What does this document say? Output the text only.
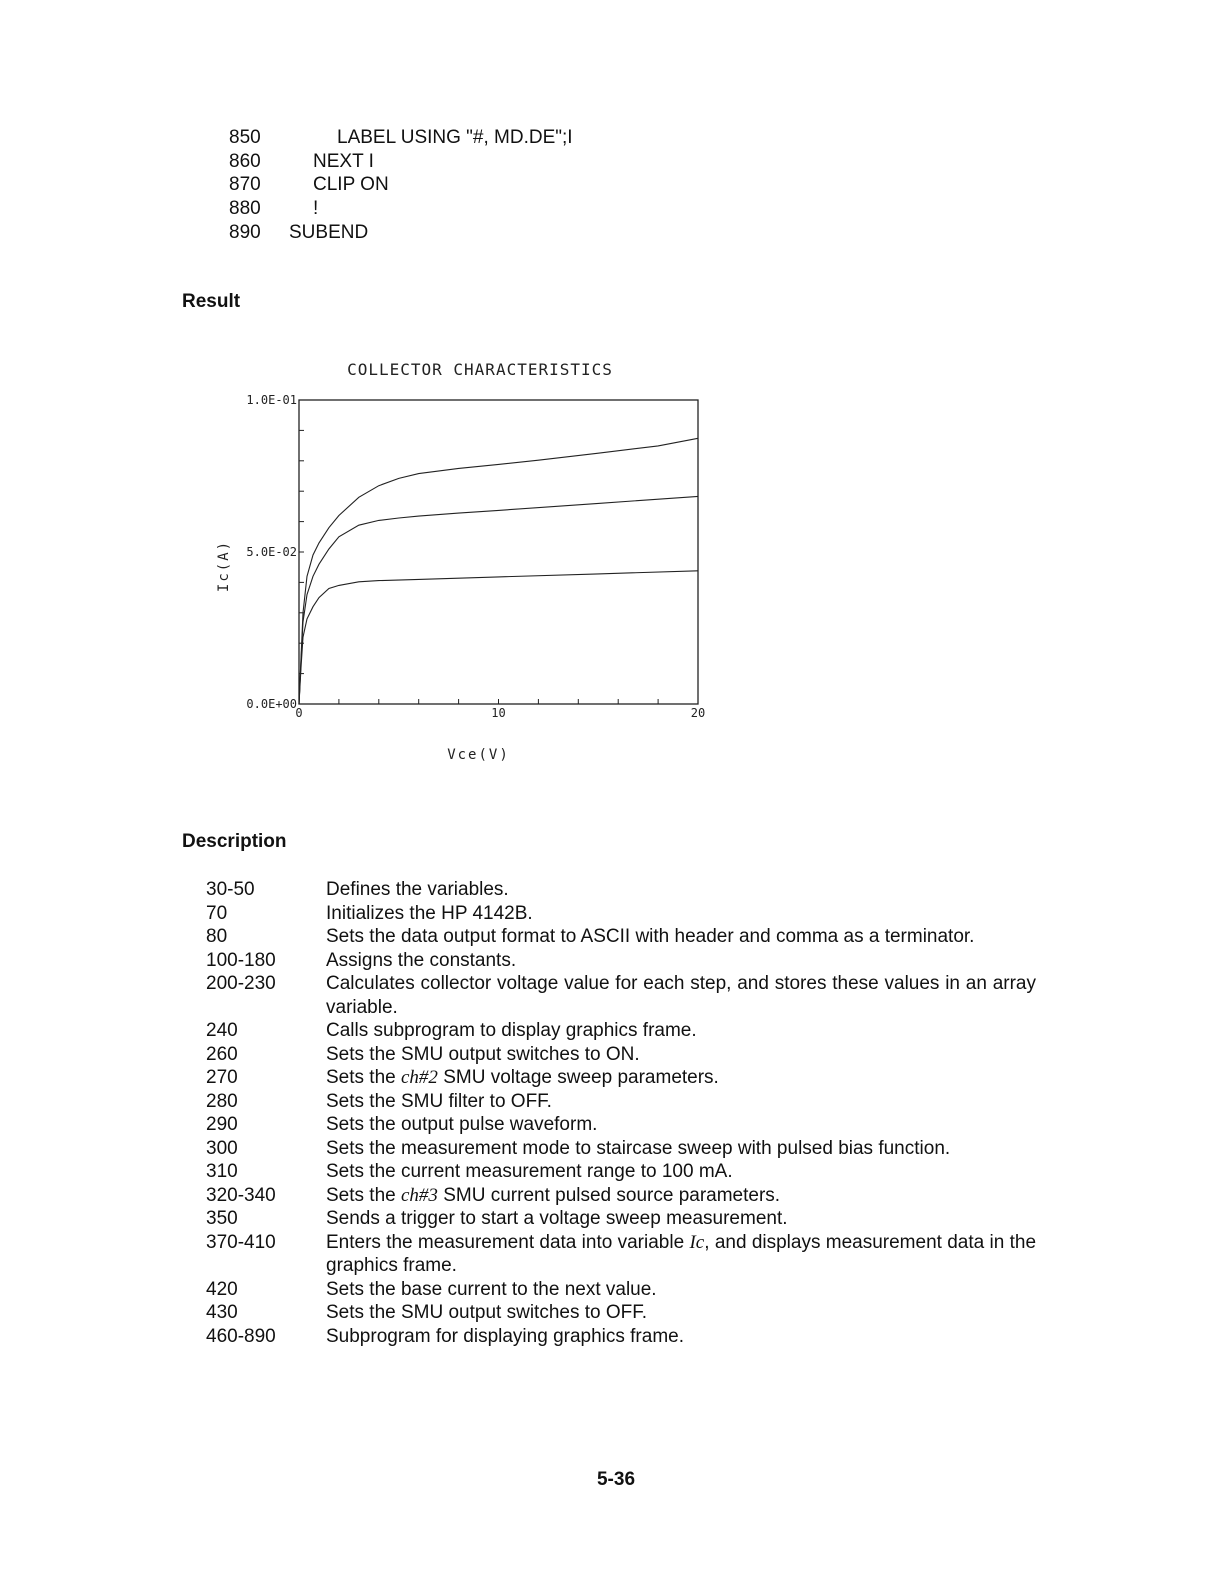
850	LABEL USING "#, MD.DE";I
860	NEXT I
870	CLIP ON
880	!
890 SUBEND
Result
COLLECTOR CHARACTERISTICS
0.0E+00
5.0E-02
1.0E-01
0	10	20
Ic(A)
Vce(V)
Description
30-50	Defines the variables.
70	Initializes the HP 4142B.
80	Sets the data output format to ASCII with header and comma as a terminator.
100-180	Assigns the constants.
200-230	Calculates collector voltage value for each step, and stores these values in an array variable.
240	Calls subprogram to display graphics frame.
260	Sets the SMU output switches to ON.
270	Sets the ch#2 SMU voltage sweep parameters.
280	Sets the SMU filter to OFF.
290	Sets the output pulse waveform.
300	Sets the measurement mode to staircase sweep with pulsed bias function.
310	Sets the current measurement range to 100 mA.
320-340	Sets the ch#3 SMU current pulsed source parameters.
350	Sends a trigger to start a voltage sweep measurement.
370-410	Enters the measurement data into variable Ic, and displays measurement data in the graphics frame.
420	Sets the base current to the next value.
430	Sets the SMU output switches to OFF.
460-890	Subprogram for displaying graphics frame.
5-36
